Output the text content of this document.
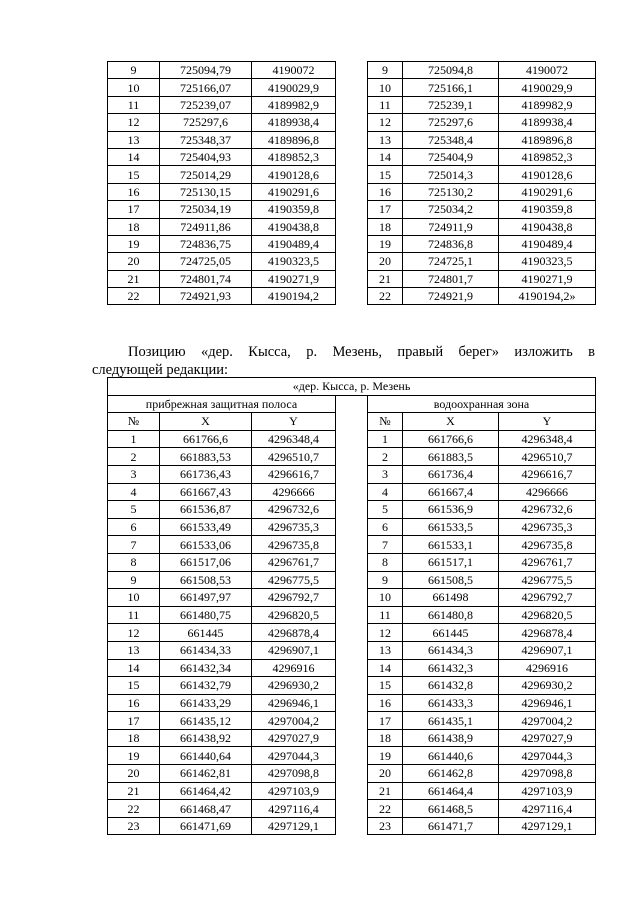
9	725094,79	4190072		9	725094,8	4190072
10	725166,07	4190029,9		10	725166,1	4190029,9
11	725239,07	4189982,9		11	725239,1	4189982,9
12	725297,6	4189938,4		12	725297,6	4189938,4
13	725348,37	4189896,8		13	725348,4	4189896,8
14	725404,93	4189852,3		14	725404,9	4189852,3
15	725014,29	4190128,6		15	725014,3	4190128,6
16	725130,15	4190291,6		16	725130,2	4190291,6
17	725034,19	4190359,8		17	725034,2	4190359,8
18	724911,86	4190438,8		18	724911,9	4190438,8
19	724836,75	4190489,4		19	724836,8	4190489,4
20	724725,05	4190323,5		20	724725,1	4190323,5
21	724801,74	4190271,9		21	724801,7	4190271,9
22	724921,93	4190194,2		22	724921,9	4190194,2»
Позицию «дер. Кысса, р. Мезень, правый берег» изложить в
следующей редакции:
«дер. Кысса, р. Мезень						
прибрежная защитная полоса				водоохранная зона		
№	X	Y		№	X	Y
1	661766,6	4296348,4		1	661766,6	4296348,4
2	661883,53	4296510,7		2	661883,5	4296510,7
3	661736,43	4296616,7		3	661736,4	4296616,7
4	661667,43	4296666		4	661667,4	4296666
5	661536,87	4296732,6		5	661536,9	4296732,6
6	661533,49	4296735,3		6	661533,5	4296735,3
7	661533,06	4296735,8		7	661533,1	4296735,8
8	661517,06	4296761,7		8	661517,1	4296761,7
9	661508,53	4296775,5		9	661508,5	4296775,5
10	661497,97	4296792,7		10	661498	4296792,7
11	661480,75	4296820,5		11	661480,8	4296820,5
12	661445	4296878,4		12	661445	4296878,4
13	661434,33	4296907,1		13	661434,3	4296907,1
14	661432,34	4296916		14	661432,3	4296916
15	661432,79	4296930,2		15	661432,8	4296930,2
16	661433,29	4296946,1		16	661433,3	4296946,1
17	661435,12	4297004,2		17	661435,1	4297004,2
18	661438,92	4297027,9		18	661438,9	4297027,9
19	661440,64	4297044,3		19	661440,6	4297044,3
20	661462,81	4297098,8		20	661462,8	4297098,8
21	661464,42	4297103,9		21	661464,4	4297103,9
22	661468,47	4297116,4		22	661468,5	4297116,4
23	661471,69	4297129,1		23	661471,7	4297129,1
